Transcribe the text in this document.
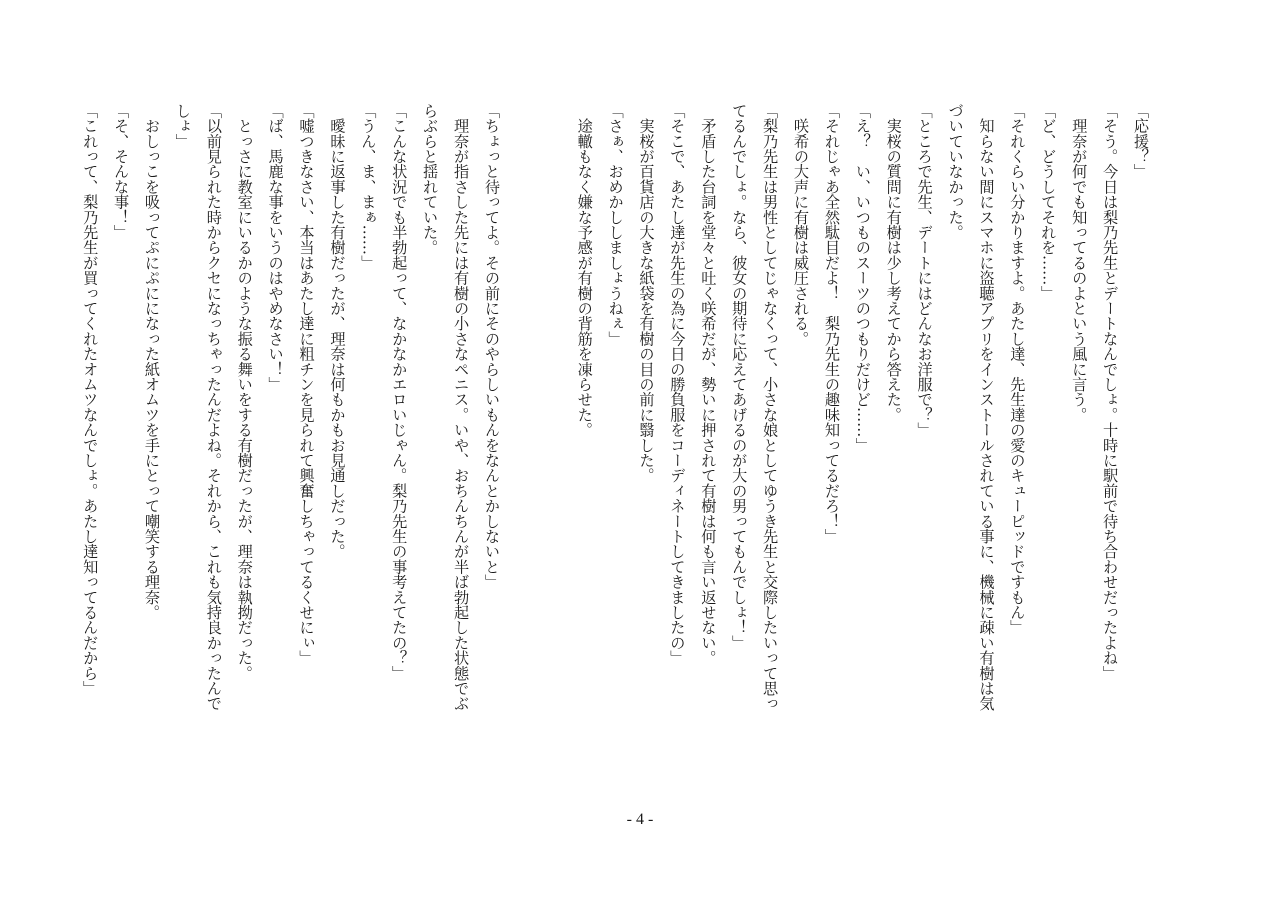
「応援？」
「そう。今日は梨乃先生とデートなんでしょ。十時に駅前で待ち合わせだったよね」
　理奈が何でも知ってるのよという風に言う。
「ど、どうしてそれを……」
「それくらい分かりますよ。あたし達、先生達の愛のキューピッドですもん」
　知らない間にスマホに盗聴アプリをインストールされている事に、機械に疎い有樹は気
づいていなかった。
「ところで先生、デートにはどんなお洋服で？」
　実桜の質問に有樹は少し考えてから答えた。
「え？　い、いつものスーツのつもりだけど……」
「それじゃあ全然駄目だよ！　梨乃先生の趣味知ってるだろ！」
　咲希の大声に有樹は威圧される。
「梨乃先生は男性としてじゃなくって、小さな娘としてゆうき先生と交際したいって思っ
てるんでしょ。なら、彼女の期待に応えてあげるのが大の男ってもんでしょ！」
　矛盾した台詞を堂々と吐く咲希だが、勢いに押されて有樹は何も言い返せない。
「そこで、あたし達が先生の為に今日の勝負服をコーディネートしてきましたの」
　実桜が百貨店の大きな紙袋を有樹の目の前に翳した。
「さぁ、おめかししましょうねぇ」
　途轍もなく嫌な予感が有樹の背筋を凍らせた。
「ちょっと待ってよ。その前にそのやらしいもんをなんとかしないと」
　理奈が指さした先には有樹の小さなペニス。いや、おちんちんが半ば勃起した状態でぶ
らぶらと揺れていた。
「こんな状況でも半勃起って、なかなかエロいじゃん。梨乃先生の事考えてたの？」
「うん、ま、まぁ……」
　曖昧に返事した有樹だったが、理奈は何もかもお見通しだった。
「嘘つきなさい、本当はあたし達に粗チンを見られて興奮しちゃってるくせにぃ」
「ば、馬鹿な事をいうのはやめなさい！」
　とっさに教室にいるかのような振る舞いをする有樹だったが、理奈は執拗だった。
「以前見られた時からクセになっちゃったんだよね。それから、これも気持良かったんで
しょ」
　おしっこを吸ってぷにぷにになった紙オムツを手にとって嘲笑する理奈。
「そ、そんな事！」
「これって、梨乃先生が買ってくれたオムツなんでしょ。あたし達知ってるんだから」
- 4 -
